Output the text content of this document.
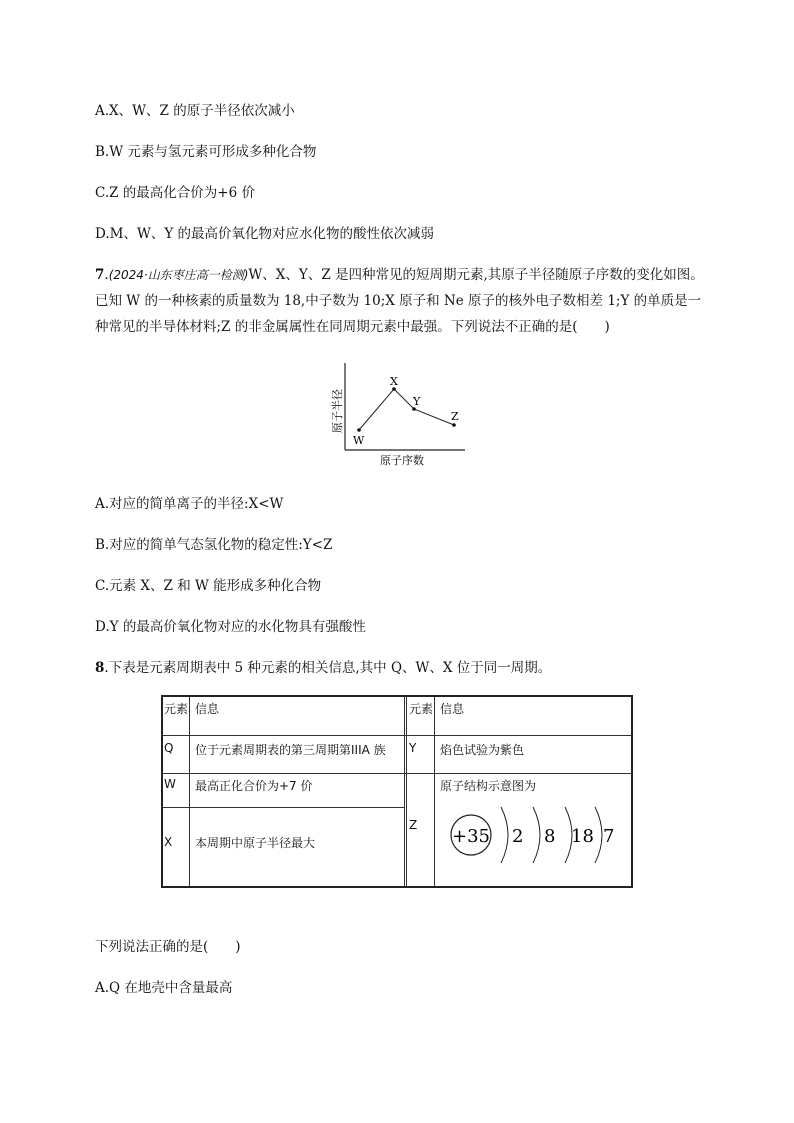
A.X、W、Z 的原子半径依次减小
B.W 元素与氢元素可形成多种化合物
C.Z 的最高化合价为+6 价
D.M、W、Y 的最高价氧化物对应水化物的酸性依次减弱
7.(2024·山东枣庄高一检测)W、X、Y、Z 是四种常见的短周期元素,其原子半径随原子序数的变化如图。已知 W 的一种核素的质量数为 18,中子数为 10;X 原子和 Ne 原子的核外电子数相差 1;Y 的单质是一种常见的半导体材料;Z 的非金属属性在同周期元素中最强。下列说法不正确的是(　　)
原子半径
原子序数
W
X
Y
Z
A.对应的简单离子的半径:X<W
B.对应的简单气态氢化物的稳定性:Y<Z
C.元素 X、Z 和 W 能形成多种化合物
D.Y 的最高价氧化物对应的水化物具有强酸性
8.下表是元素周期表中 5 种元素的相关信息,其中 Q、W、X 位于同一周期。
元素 信息	元素 信息
Q 位于元素周期表的第三周期第IIIA 族 Y 焰色试验为紫色
W 最高正化合价为+7 价
X 本周期中原子半径最大
Z
原子结构示意图为
+35 2 8 18 7
下列说法正确的是(　　)
A.Q 在地壳中含量最高
